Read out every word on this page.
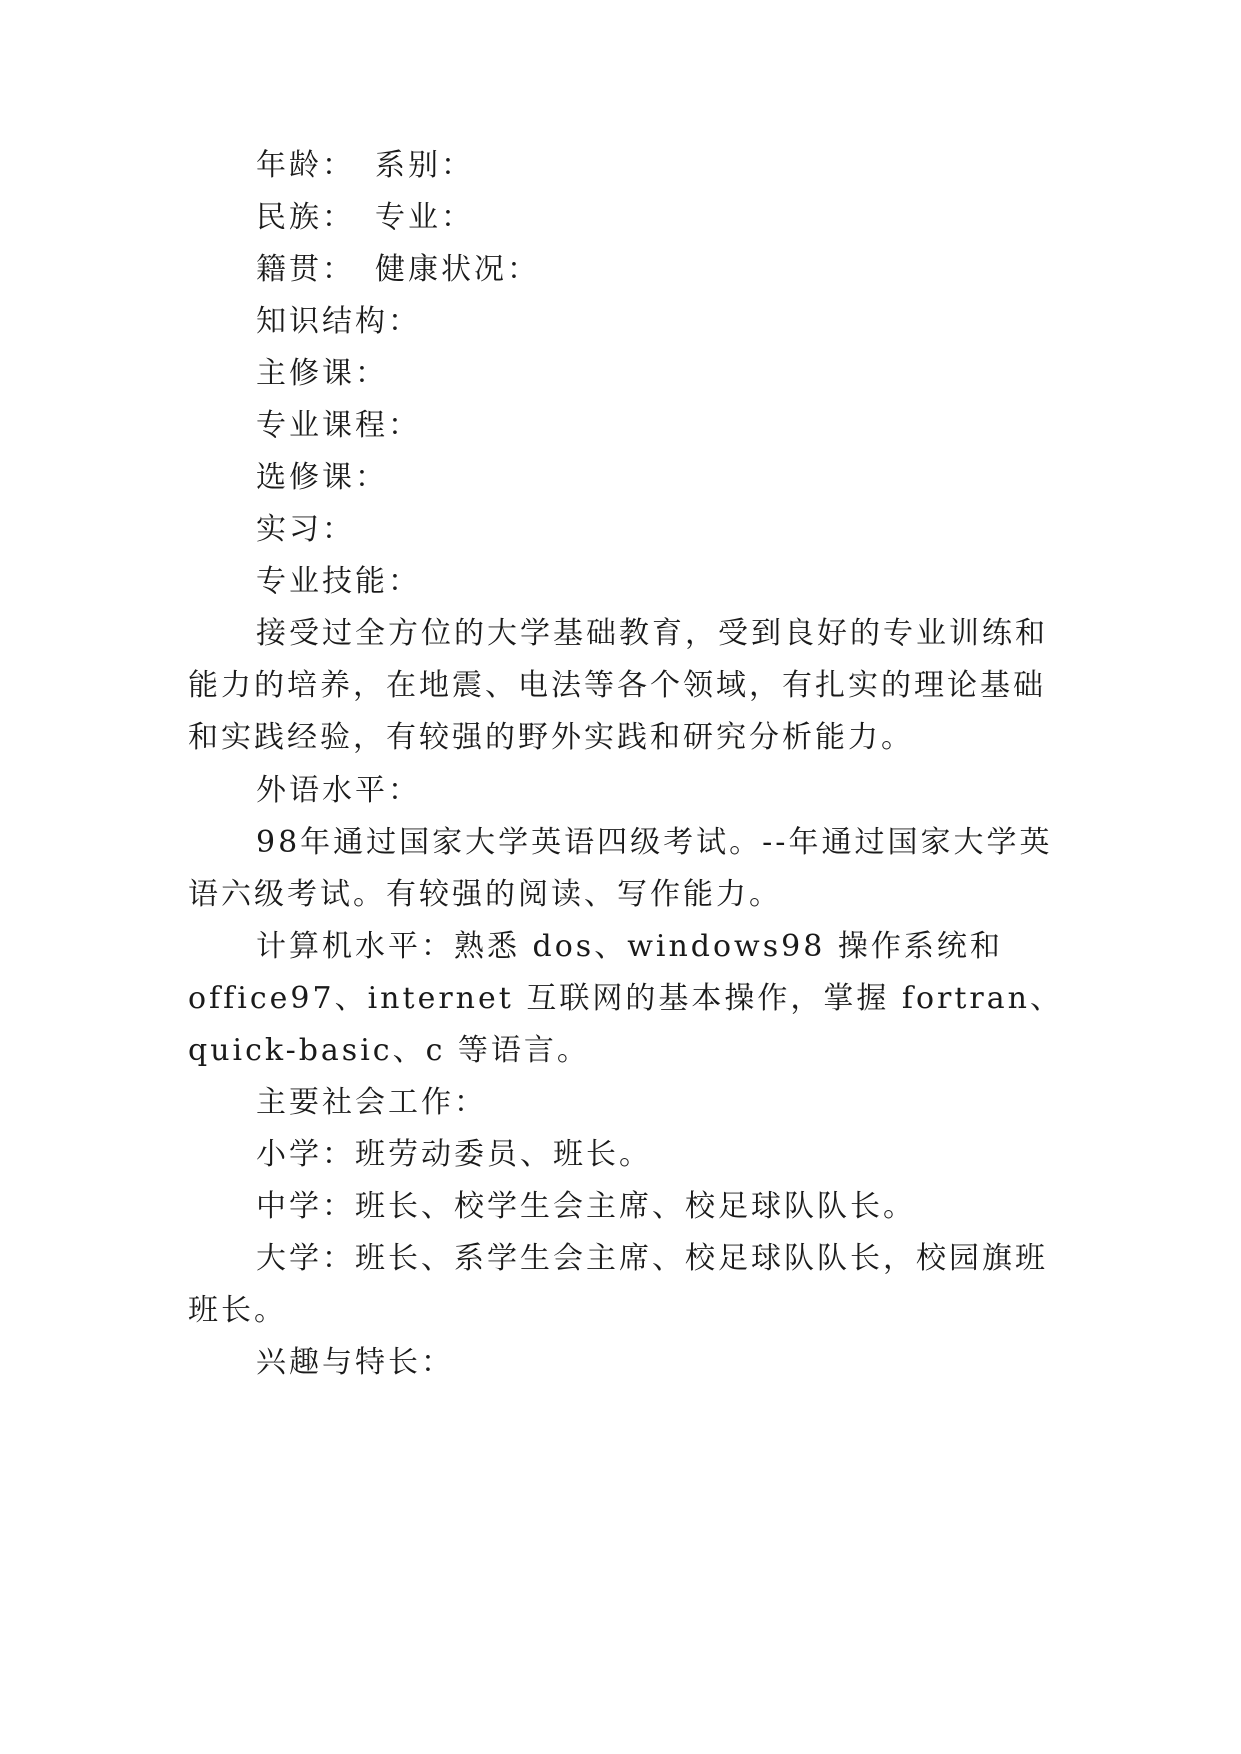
年龄： 系别：
民族： 专业：
籍贯： 健康状况：
知识结构：
主修课：
专业课程：
选修课：
实习：
专业技能：
接受过全方位的大学基础教育，受到良好的专业训练和
能力的培养，在地震、电法等各个领域，有扎实的理论基础
和实践经验，有较强的野外实践和研究分析能力。
外语水平：
98年通过国家大学英语四级考试。--年通过国家大学英
语六级考试。有较强的阅读、写作能力。
计算机水平：熟悉 dos、windows98 操作系统和
office97、internet 互联网的基本操作，掌握 fortran、
quick-basic、c 等语言。
主要社会工作：
小学：班劳动委员、班长。
中学：班长、校学生会主席、校足球队队长。
大学：班长、系学生会主席、校足球队队长，校园旗班
班长。
兴趣与特长：
